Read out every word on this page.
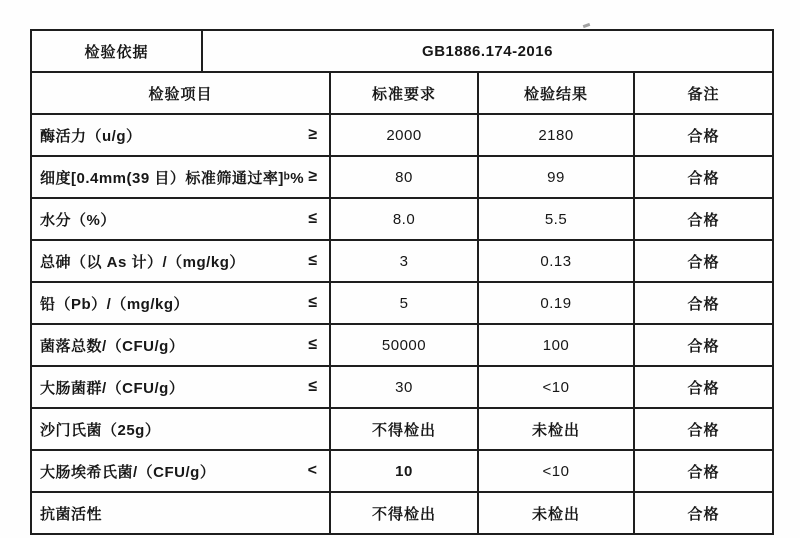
检验依据	GB1886.174-2016			
检验项目		标准要求	检验结果	备注

酶活力（u/g） ≥		2000	2180	合格

细度[0.4mm(39 目）标准筛通过率]ᵇ% ≥		80	99	合格

水分（%） ≤		8.0	5.5	合格

总砷（以 As 计）/（mg/kg） ≤		3	0.13	合格

铅（Pb）/（mg/kg） ≤		5	0.19	合格

菌落总数/（CFU/g） ≤		50000	100	合格

大肠菌群/（CFU/g） ≤		30	<10	合格

沙门氏菌（25g）		不得检出	未检出	合格

大肠埃希氏菌/（CFU/g） <		10	<10	合格

抗菌活性		不得检出	未检出	合格
